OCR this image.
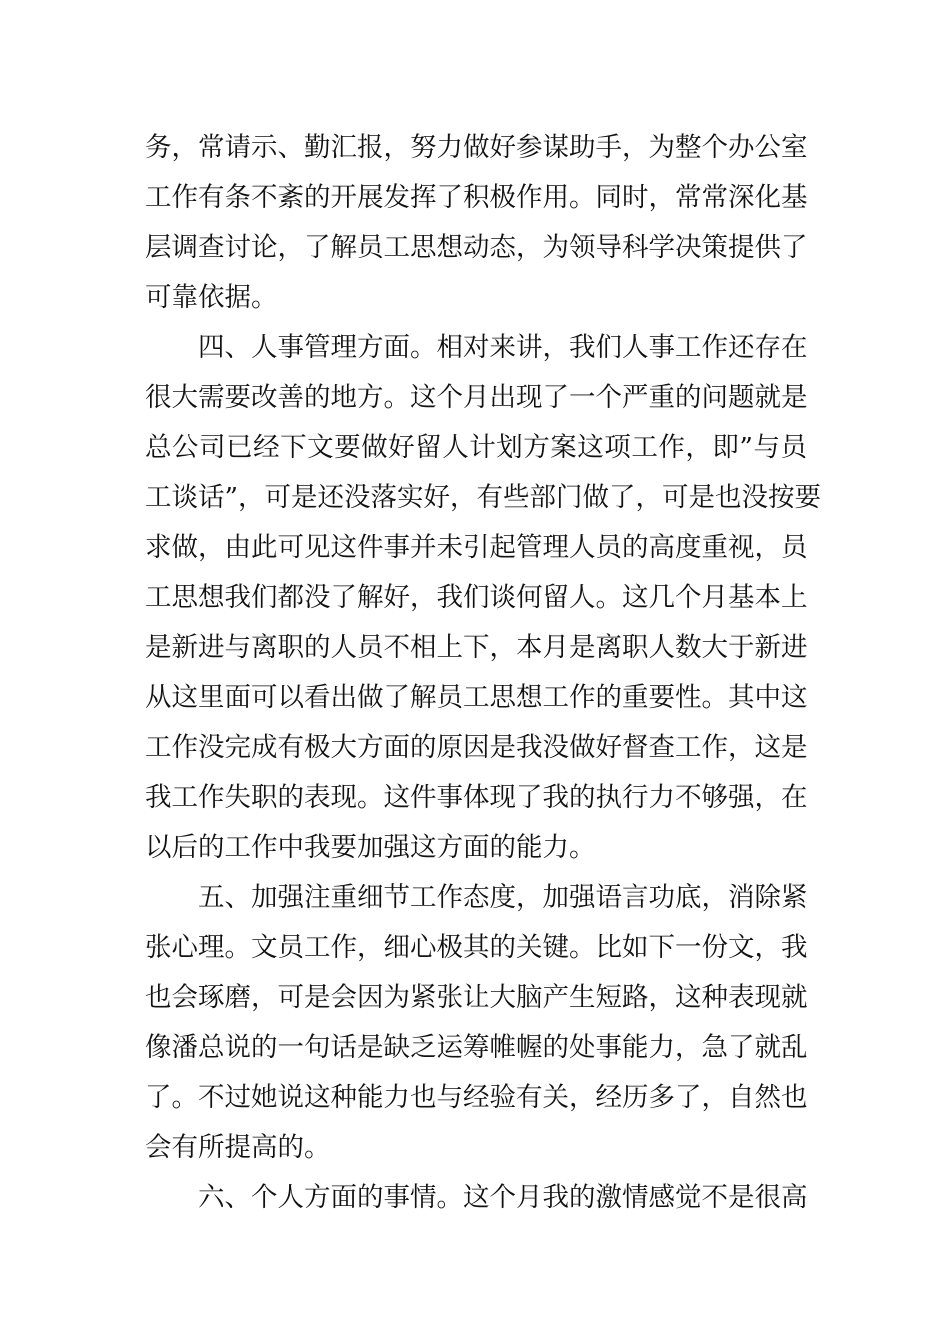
务，常请示、勤汇报，努力做好参谋助手，为整个办公室
工作有条不紊的开展发挥了积极作用。同时，常常深化基
层调查讨论，了解员工思想动态，为领导科学决策提供了
可靠依据。
四、人事管理方面。相对来讲，我们人事工作还存在
很大需要改善的地方。这个月出现了一个严重的问题就是
总公司已经下文要做好留人计划方案这项工作，即”与员
工谈话”，可是还没落实好，有些部门做了，可是也没按要
求做，由此可见这件事并未引起管理人员的高度重视，员
工思想我们都没了解好，我们谈何留人。这几个月基本上
是新进与离职的人员不相上下，本月是离职人数大于新进
从这里面可以看出做了解员工思想工作的重要性。其中这
工作没完成有极大方面的原因是我没做好督查工作，这是
我工作失职的表现。这件事体现了我的执行力不够强，在
以后的工作中我要加强这方面的能力。
五、加强注重细节工作态度，加强语言功底，消除紧
张心理。文员工作，细心极其的关键。比如下一份文，我
也会琢磨，可是会因为紧张让大脑产生短路，这种表现就
像潘总说的一句话是缺乏运筹帷幄的处事能力，急了就乱
了。不过她说这种能力也与经验有关，经历多了，自然也
会有所提高的。
六、个人方面的事情。这个月我的激情感觉不是很高
